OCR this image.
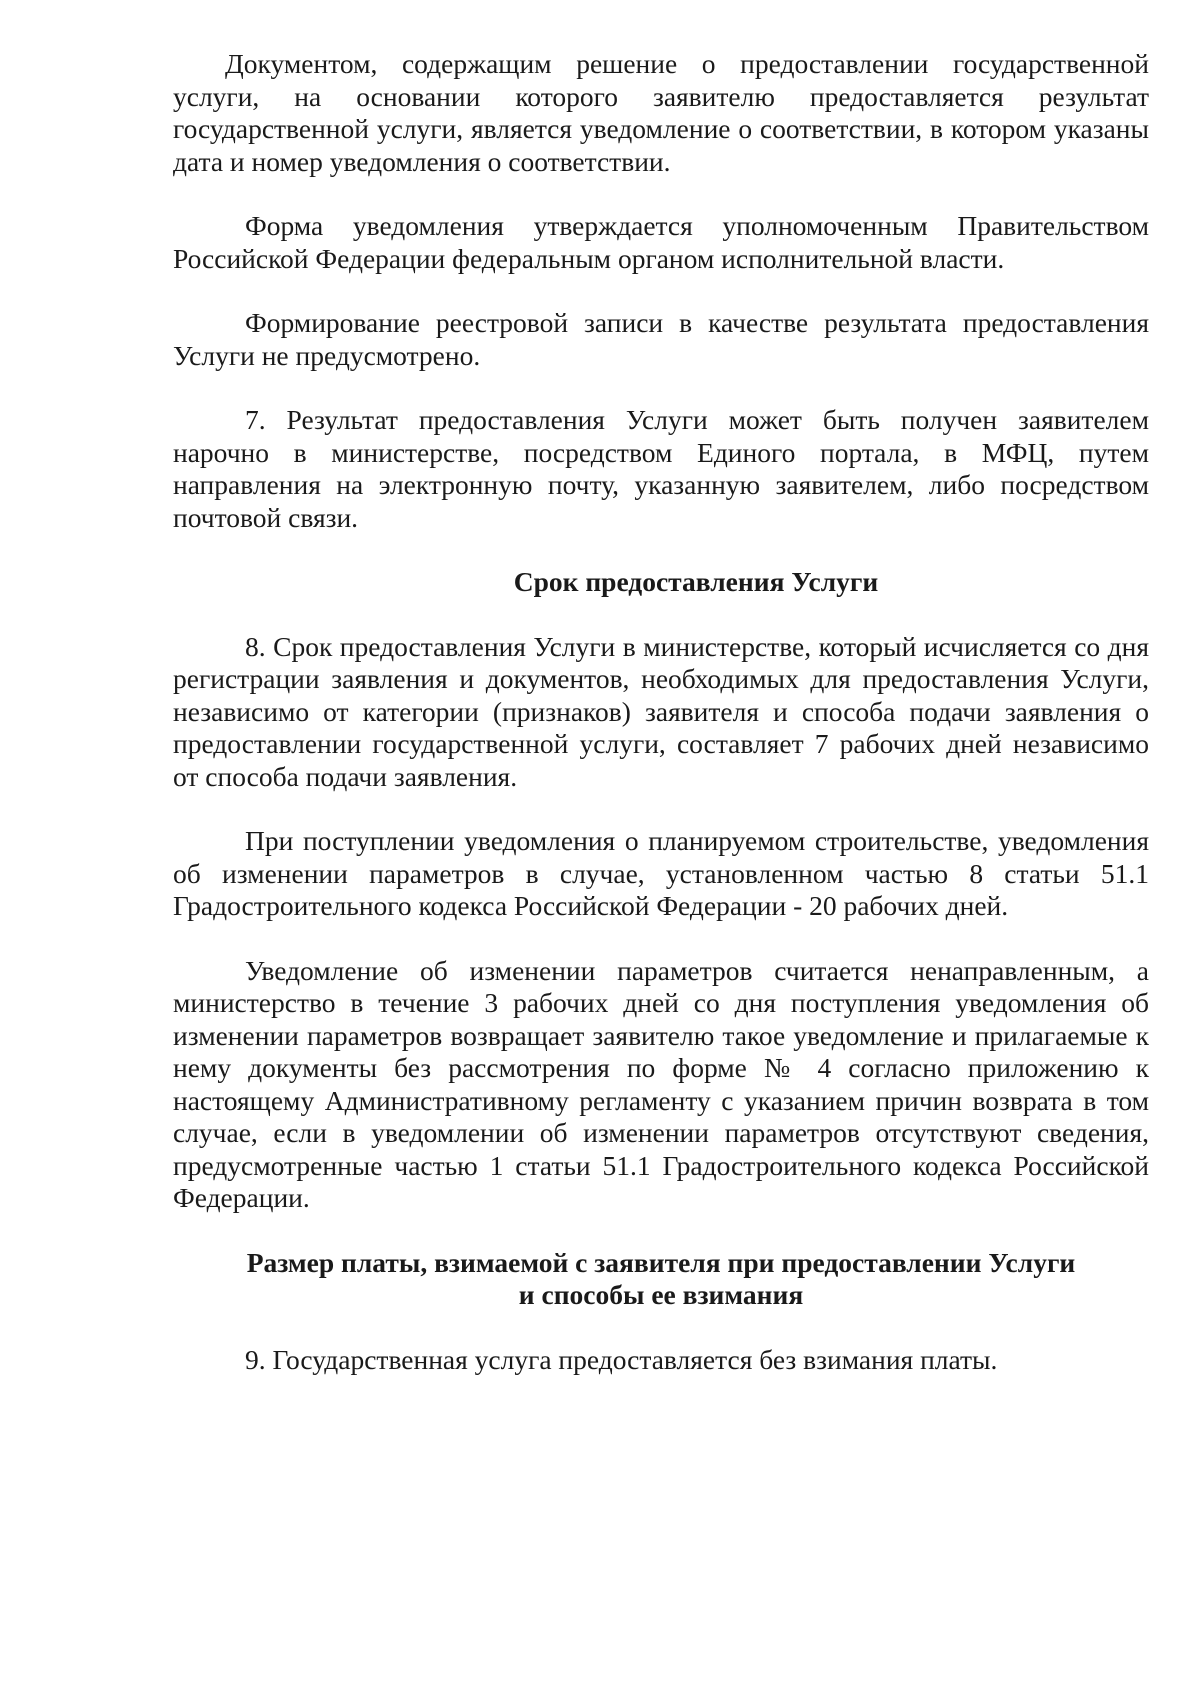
Документом, содержащим решение о предоставлении государственной услуги, на основании которого заявителю предоставляется результат государственной услуги, является уведомление о соответствии, в котором указаны дата и номер уведомления о соответствии.

Форма уведомления утверждается уполномоченным Правительством Российской Федерации федеральным органом исполнительной власти.

Формирование реестровой записи в качестве результата предоставления Услуги не предусмотрено.

7. Результат предоставления Услуги может быть получен заявителем нарочно в министерстве, посредством Единого портала, в МФЦ, путем направления на электронную почту, указанную заявителем, либо посредством почтовой связи.

Срок предоставления Услуги

8. Срок предоставления Услуги в министерстве, который исчисляется со дня регистрации заявления и документов, необходимых для предоставления Услуги, независимо от категории (признаков) заявителя и способа подачи заявления о предоставлении государственной услуги, составляет 7 рабочих дней независимо от способа подачи заявления.

При поступлении уведомления о планируемом строительстве, уведомления об изменении параметров в случае, установленном частью 8 статьи 51.1 Градостроительного кодекса Российской Федерации - 20 рабочих дней.

Уведомление об изменении параметров считается ненаправленным, а министерство в течение 3 рабочих дней со дня поступления уведомления об изменении параметров возвращает заявителю такое уведомление и прилагаемые к нему документы без рассмотрения по форме № 4 согласно приложению к настоящему Административному регламенту с указанием причин возврата в том случае, если в уведомлении об изменении параметров отсутствуют сведения, предусмотренные частью 1 статьи 51.1 Градостроительного кодекса Российской Федерации.

Размер платы, взимаемой с заявителя при предоставлении Услуги
и способы ее взимания

9. Государственная услуга предоставляется без взимания платы.
